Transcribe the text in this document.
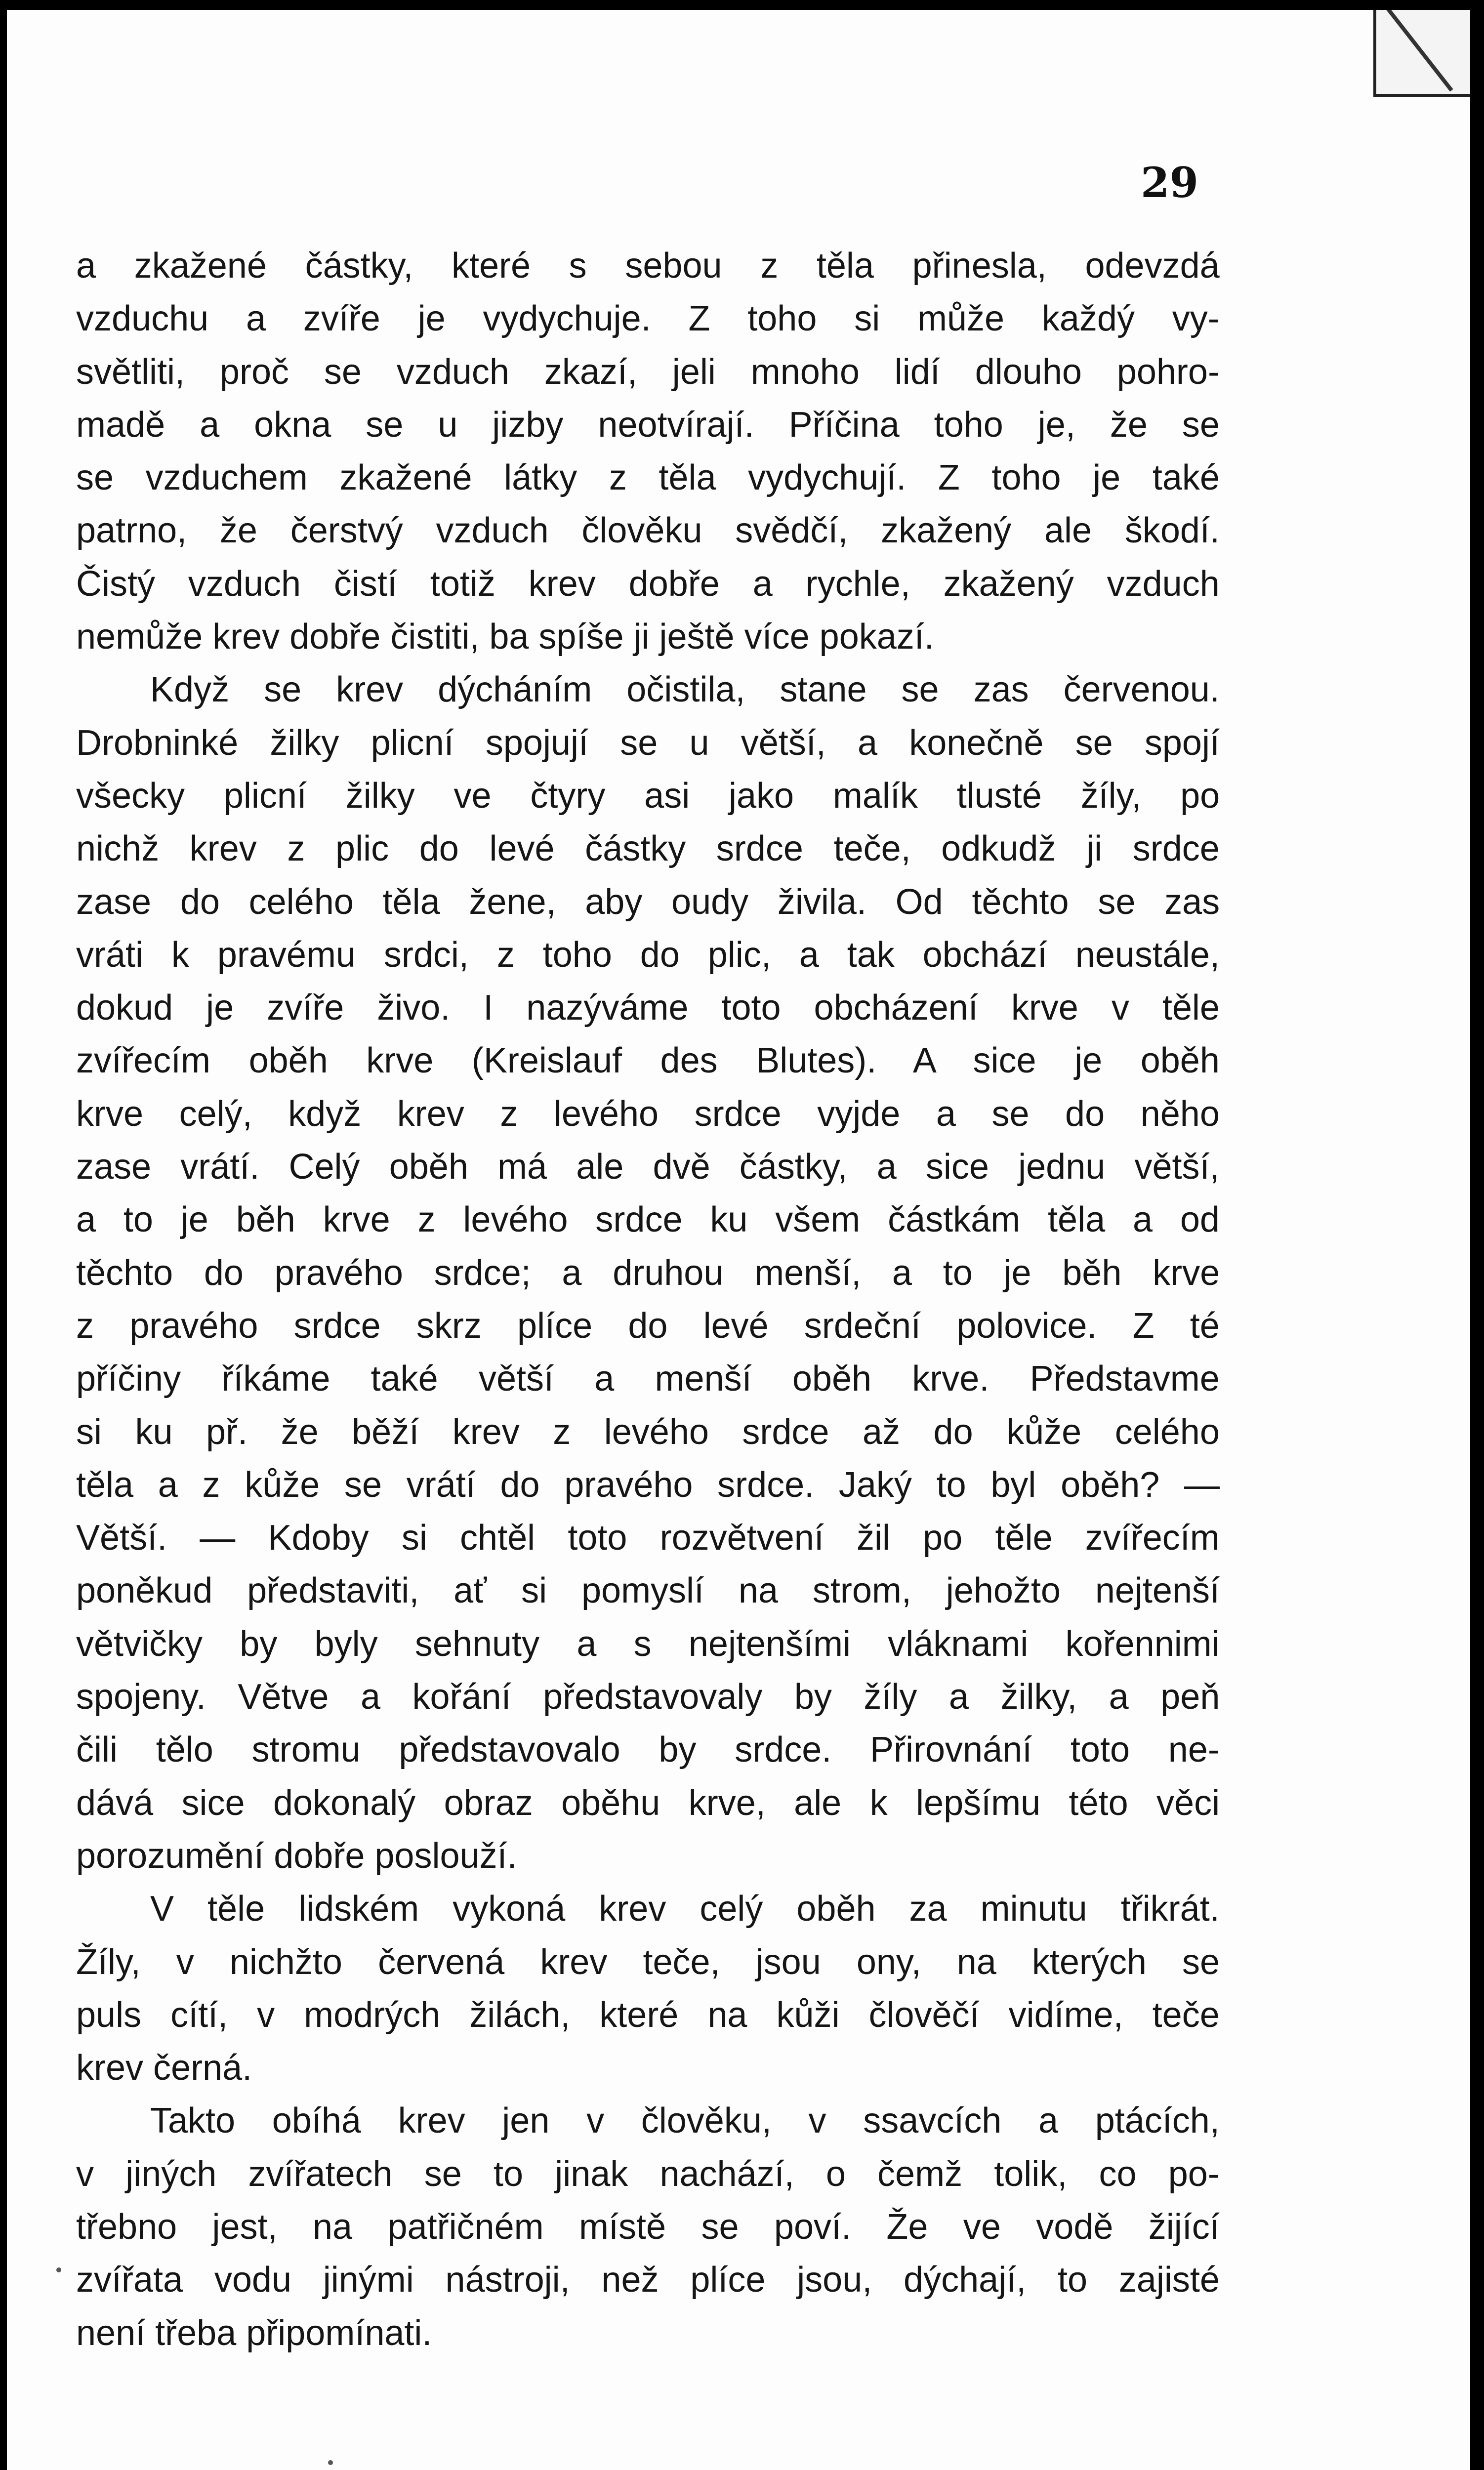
29
a zkažené částky, které s sebou z těla přinesla, odevzdá
vzduchu a zvíře je vydychuje. Z toho si může každý vy-
světliti, proč se vzduch zkazí, jeli mnoho lidí dlouho pohro-
madě a okna se u jizby neotvírají. Příčina toho je, že se
se vzduchem zkažené látky z těla vydychují. Z toho je také
patrno, že čerstvý vzduch člověku svědčí, zkažený ale škodí.
Čistý vzduch čistí totiž krev dobře a rychle, zkažený vzduch
nemůže krev dobře čistiti, ba spíše ji ještě více pokazí.
Když se krev dýcháním očistila, stane se zas červenou.
Drobninké žilky plicní spojují se u větší, a konečně se spojí
všecky plicní žilky ve čtyry asi jako malík tlusté žíly, po
nichž krev z plic do levé částky srdce teče, odkudž ji srdce
zase do celého těla žene, aby oudy živila. Od těchto se zas
vráti k pravému srdci, z toho do plic, a tak obchází neustále,
dokud je zvíře živo. I nazýváme toto obcházení krve v těle
zvířecím oběh krve (Kreislauf des Blutes). A sice je oběh
krve celý, když krev z levého srdce vyjde a se do něho
zase vrátí. Celý oběh má ale dvě částky, a sice jednu větší,
a to je běh krve z levého srdce ku všem částkám těla a od
těchto do pravého srdce; a druhou menší, a to je běh krve
z pravého srdce skrz plíce do levé srdeční polovice. Z té
příčiny říkáme také větší a menší oběh krve. Představme
si ku př. že běží krev z levého srdce až do kůže celého
těla a z kůže se vrátí do pravého srdce. Jaký to byl oběh? —
Větší. — Kdoby si chtěl toto rozvětvení žil po těle zvířecím
poněkud představiti, ať si pomyslí na strom, jehožto nejtenší
větvičky by byly sehnuty a s nejtenšími vláknami kořennimi
spojeny. Větve a kořání představovaly by žíly a žilky, a peň
čili tělo stromu představovalo by srdce. Přirovnání toto ne-
dává sice dokonalý obraz oběhu krve, ale k lepšímu této věci
porozumění dobře poslouží.
V těle lidském vykoná krev celý oběh za minutu třikrát.
Žíly, v nichžto červená krev teče, jsou ony, na kterých se
puls cítí, v modrých žilách, které na kůži člověčí vidíme, teče
krev černá.
Takto obíhá krev jen v člověku, v ssavcích a ptácích,
v jiných zvířatech se to jinak nachází, o čemž tolik, co po-
třebno jest, na patřičném místě se poví. Že ve vodě žijící
zvířata vodu jinými nástroji, než plíce jsou, dýchají, to zajisté
není třeba připomínati.
